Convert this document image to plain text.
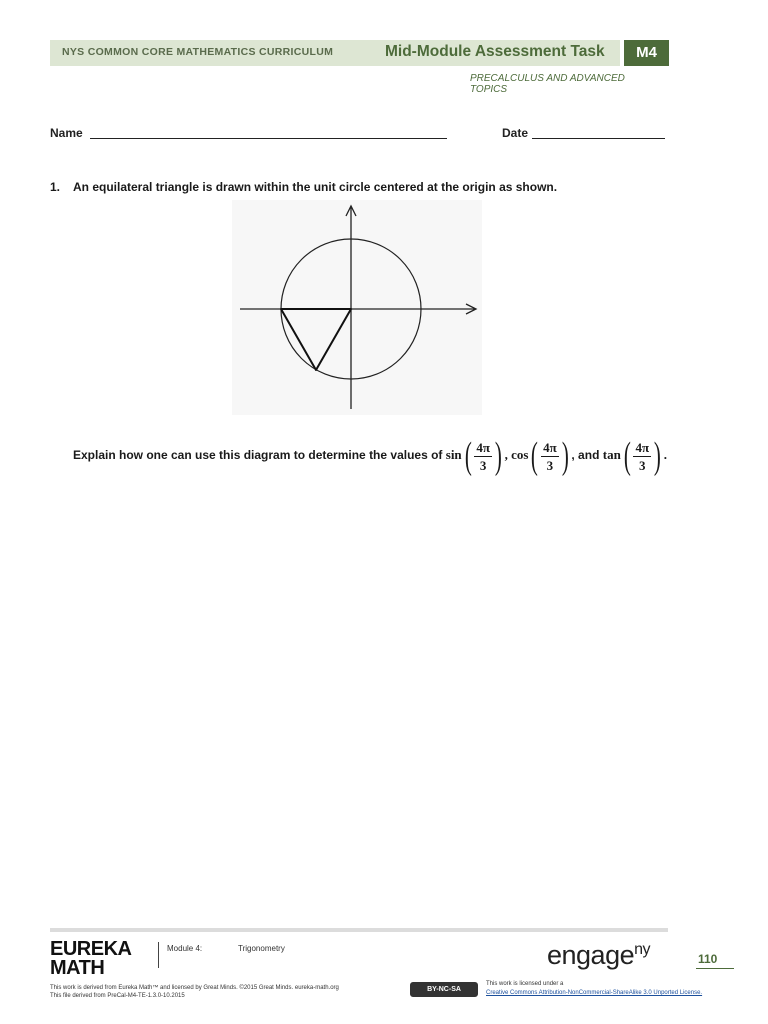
NYS COMMON CORE MATHEMATICS CURRICULUM	Mid-Module Assessment Task	M4
PRECALCULUS AND ADVANCED TOPICS
Name	Date
1. An equilateral triangle is drawn within the unit circle centered at the origin as shown.
Explain how one can use this diagram to determine the values of $\sin( \frac{4\pi}{3}$ ) , $\cos( \frac{4\pi}{3}$ ) , and $\tan( \frac{4\pi}{3}$ ) .
EUREKA
MATH
Module 4:	Trigonometry	engage$^{ny}$
110
This work is derived from Eureka Math™ and licensed by Great Minds. ©2015 Great Minds. eureka-math.org
This file derived from PreCal-M4-TE-1.3.0-10.2015
BY-NC-SA
This work is licensed under a
Creative Commons Attribution-NonCommercial-ShareAlike 3.0 Unported License.
